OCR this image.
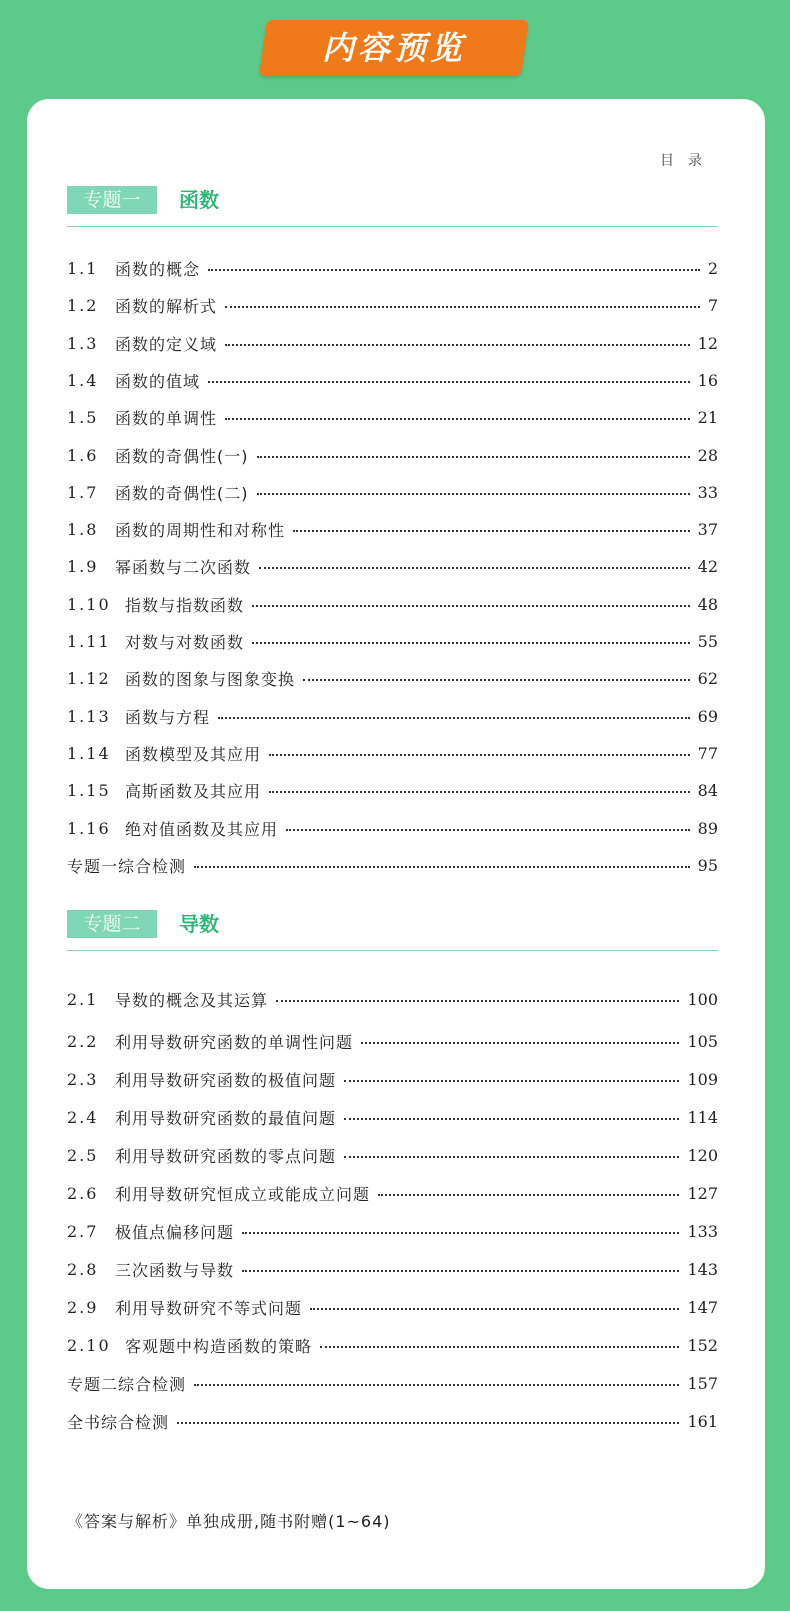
内容预览
目录
专题一	函数
专题二	导数
1.1	函数的概念	2
1.2	函数的解析式	7
1.3	函数的定义域	12
1.4	函数的值域	16
1.5	函数的单调性	21
1.6	函数的奇偶性(一)	28
1.7	函数的奇偶性(二)	33
1.8	函数的周期性和对称性	37
1.9	幂函数与二次函数	42
1.10 指数与指数函数	48
1.11 对数与对数函数	55
1.12 函数的图象与图象变换	62
1.13 函数与方程	69
1.14 函数模型及其应用	77
1.15 高斯函数及其应用	84
1.16 绝对值函数及其应用	89
专题一综合检测	95
2.1	导数的概念及其运算	100
2.2	利用导数研究函数的单调性问题	105
2.3	利用导数研究函数的极值问题	109
2.4	利用导数研究函数的最值问题	114
2.5	利用导数研究函数的零点问题	120
2.6	利用导数研究恒成立或能成立问题	127
2.7	极值点偏移问题	133
2.8	三次函数与导数	143
2.9	利用导数研究不等式问题	147
2.10 客观题中构造函数的策略	152
专题二综合检测	157
全书综合检测	161
《答案与解析》单独成册,随书附赠(1~64)
